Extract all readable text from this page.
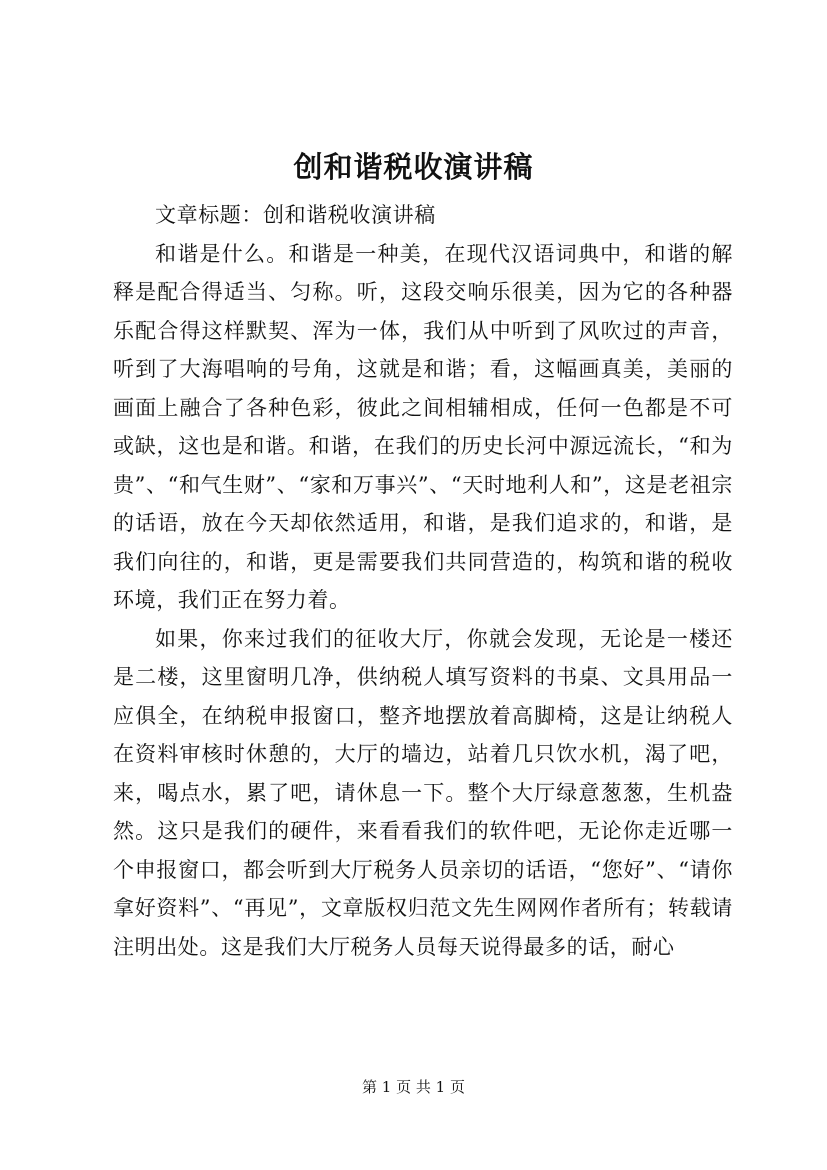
创和谐税收演讲稿

文章标题：创和谐税收演讲稿

和谐是什么。和谐是一种美，在现代汉语词典中，和谐的解释是配合得适当、匀称。听，这段交响乐很美，因为它的各种器乐配合得这样默契、浑为一体，我们从中听到了风吹过的声音，听到了大海唱响的号角，这就是和谐；看，这幅画真美，美丽的画面上融合了各种色彩，彼此之间相辅相成，任何一色都是不可或缺，这也是和谐。和谐，在我们的历史长河中源远流长，“和为贵”、“和气生财”、“家和万事兴”、“天时地利人和”，这是老祖宗的话语，放在今天却依然适用，和谐，是我们追求的，和谐，是我们向往的，和谐，更是需要我们共同营造的，构筑和谐的税收环境，我们正在努力着。

如果，你来过我们的征收大厅，你就会发现，无论是一楼还是二楼，这里窗明几净，供纳税人填写资料的书桌、文具用品一应俱全，在纳税申报窗口，整齐地摆放着高脚椅，这是让纳税人在资料审核时休憩的，大厅的墙边，站着几只饮水机，渴了吧，来，喝点水，累了吧，请休息一下。整个大厅绿意葱葱，生机盎然。这只是我们的硬件，来看看我们的软件吧，无论你走近哪一个申报窗口，都会听到大厅税务人员亲切的话语，“您好”、“请你拿好资料”、“再见”，文章版权归范文先生网网作者所有；转载请注明出处。这是我们大厅税务人员每天说得最多的话，耐心

第 1 页 共 1 页
